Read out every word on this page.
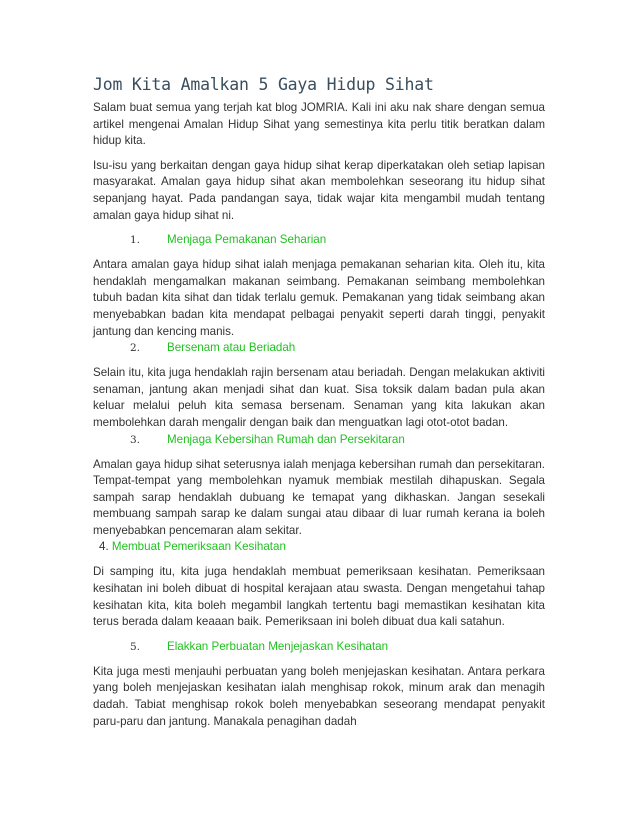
Jom Kita Amalkan 5 Gaya Hidup Sihat

Salam buat semua yang terjah kat blog JOMRIA. Kali ini aku nak share dengan semua artikel mengenai Amalan Hidup Sihat yang semestinya kita perlu titik beratkan dalam hidup kita.

Isu-isu yang berkaitan dengan gaya hidup sihat kerap diperkatakan oleh setiap lapisan masyarakat. Amalan gaya hidup sihat akan membolehkan seseorang itu hidup sihat sepanjang hayat. Pada pandangan saya, tidak wajar kita mengambil mudah tentang amalan gaya hidup sihat ni.

1. Menjaga Pemakanan Seharian

Antara amalan gaya hidup sihat ialah menjaga pemakanan seharian kita. Oleh itu, kita hendaklah mengamalkan makanan seimbang. Pemakanan seimbang membolehkan tubuh badan kita sihat dan tidak terlalu gemuk. Pemakanan yang tidak seimbang akan menyebabkan badan kita mendapat pelbagai penyakit seperti darah tinggi, penyakit jantung dan kencing manis.

2. Bersenam atau Beriadah

Selain itu, kita juga hendaklah rajin bersenam atau beriadah. Dengan melakukan aktiviti senaman, jantung akan menjadi sihat dan kuat. Sisa toksik dalam badan pula akan keluar melalui peluh kita semasa bersenam. Senaman yang kita lakukan akan membolehkan darah mengalir dengan baik dan menguatkan lagi otot-otot badan.

3. Menjaga Kebersihan Rumah dan Persekitaran

Amalan gaya hidup sihat seterusnya ialah menjaga kebersihan rumah dan persekitaran. Tempat-tempat yang membolehkan nyamuk membiak mestilah dihapuskan. Segala sampah sarap hendaklah dubuang ke temapat yang dikhaskan. Jangan sesekali membuang sampah sarap ke dalam sungai atau dibaar di luar rumah kerana ia boleh menyebabkan pencemaran alam sekitar.

4. Membuat Pemeriksaan Kesihatan

Di samping itu, kita juga hendaklah membuat pemeriksaan kesihatan. Pemeriksaan kesihatan ini boleh dibuat di hospital kerajaan atau swasta. Dengan mengetahui tahap kesihatan kita, kita boleh megambil langkah tertentu bagi memastikan kesihatan kita terus berada dalam keaaan baik. Pemeriksaan ini boleh dibuat dua kali satahun.

5. Elakkan Perbuatan Menjejaskan Kesihatan

Kita juga mesti menjauhi perbuatan yang boleh menjejaskan kesihatan. Antara perkara yang boleh menjejaskan kesihatan ialah menghisap rokok, minum arak dan menagih dadah. Tabiat menghisap rokok boleh menyebabkan seseorang mendapat penyakit paru-paru dan jantung. Manakala penagihan dadah
